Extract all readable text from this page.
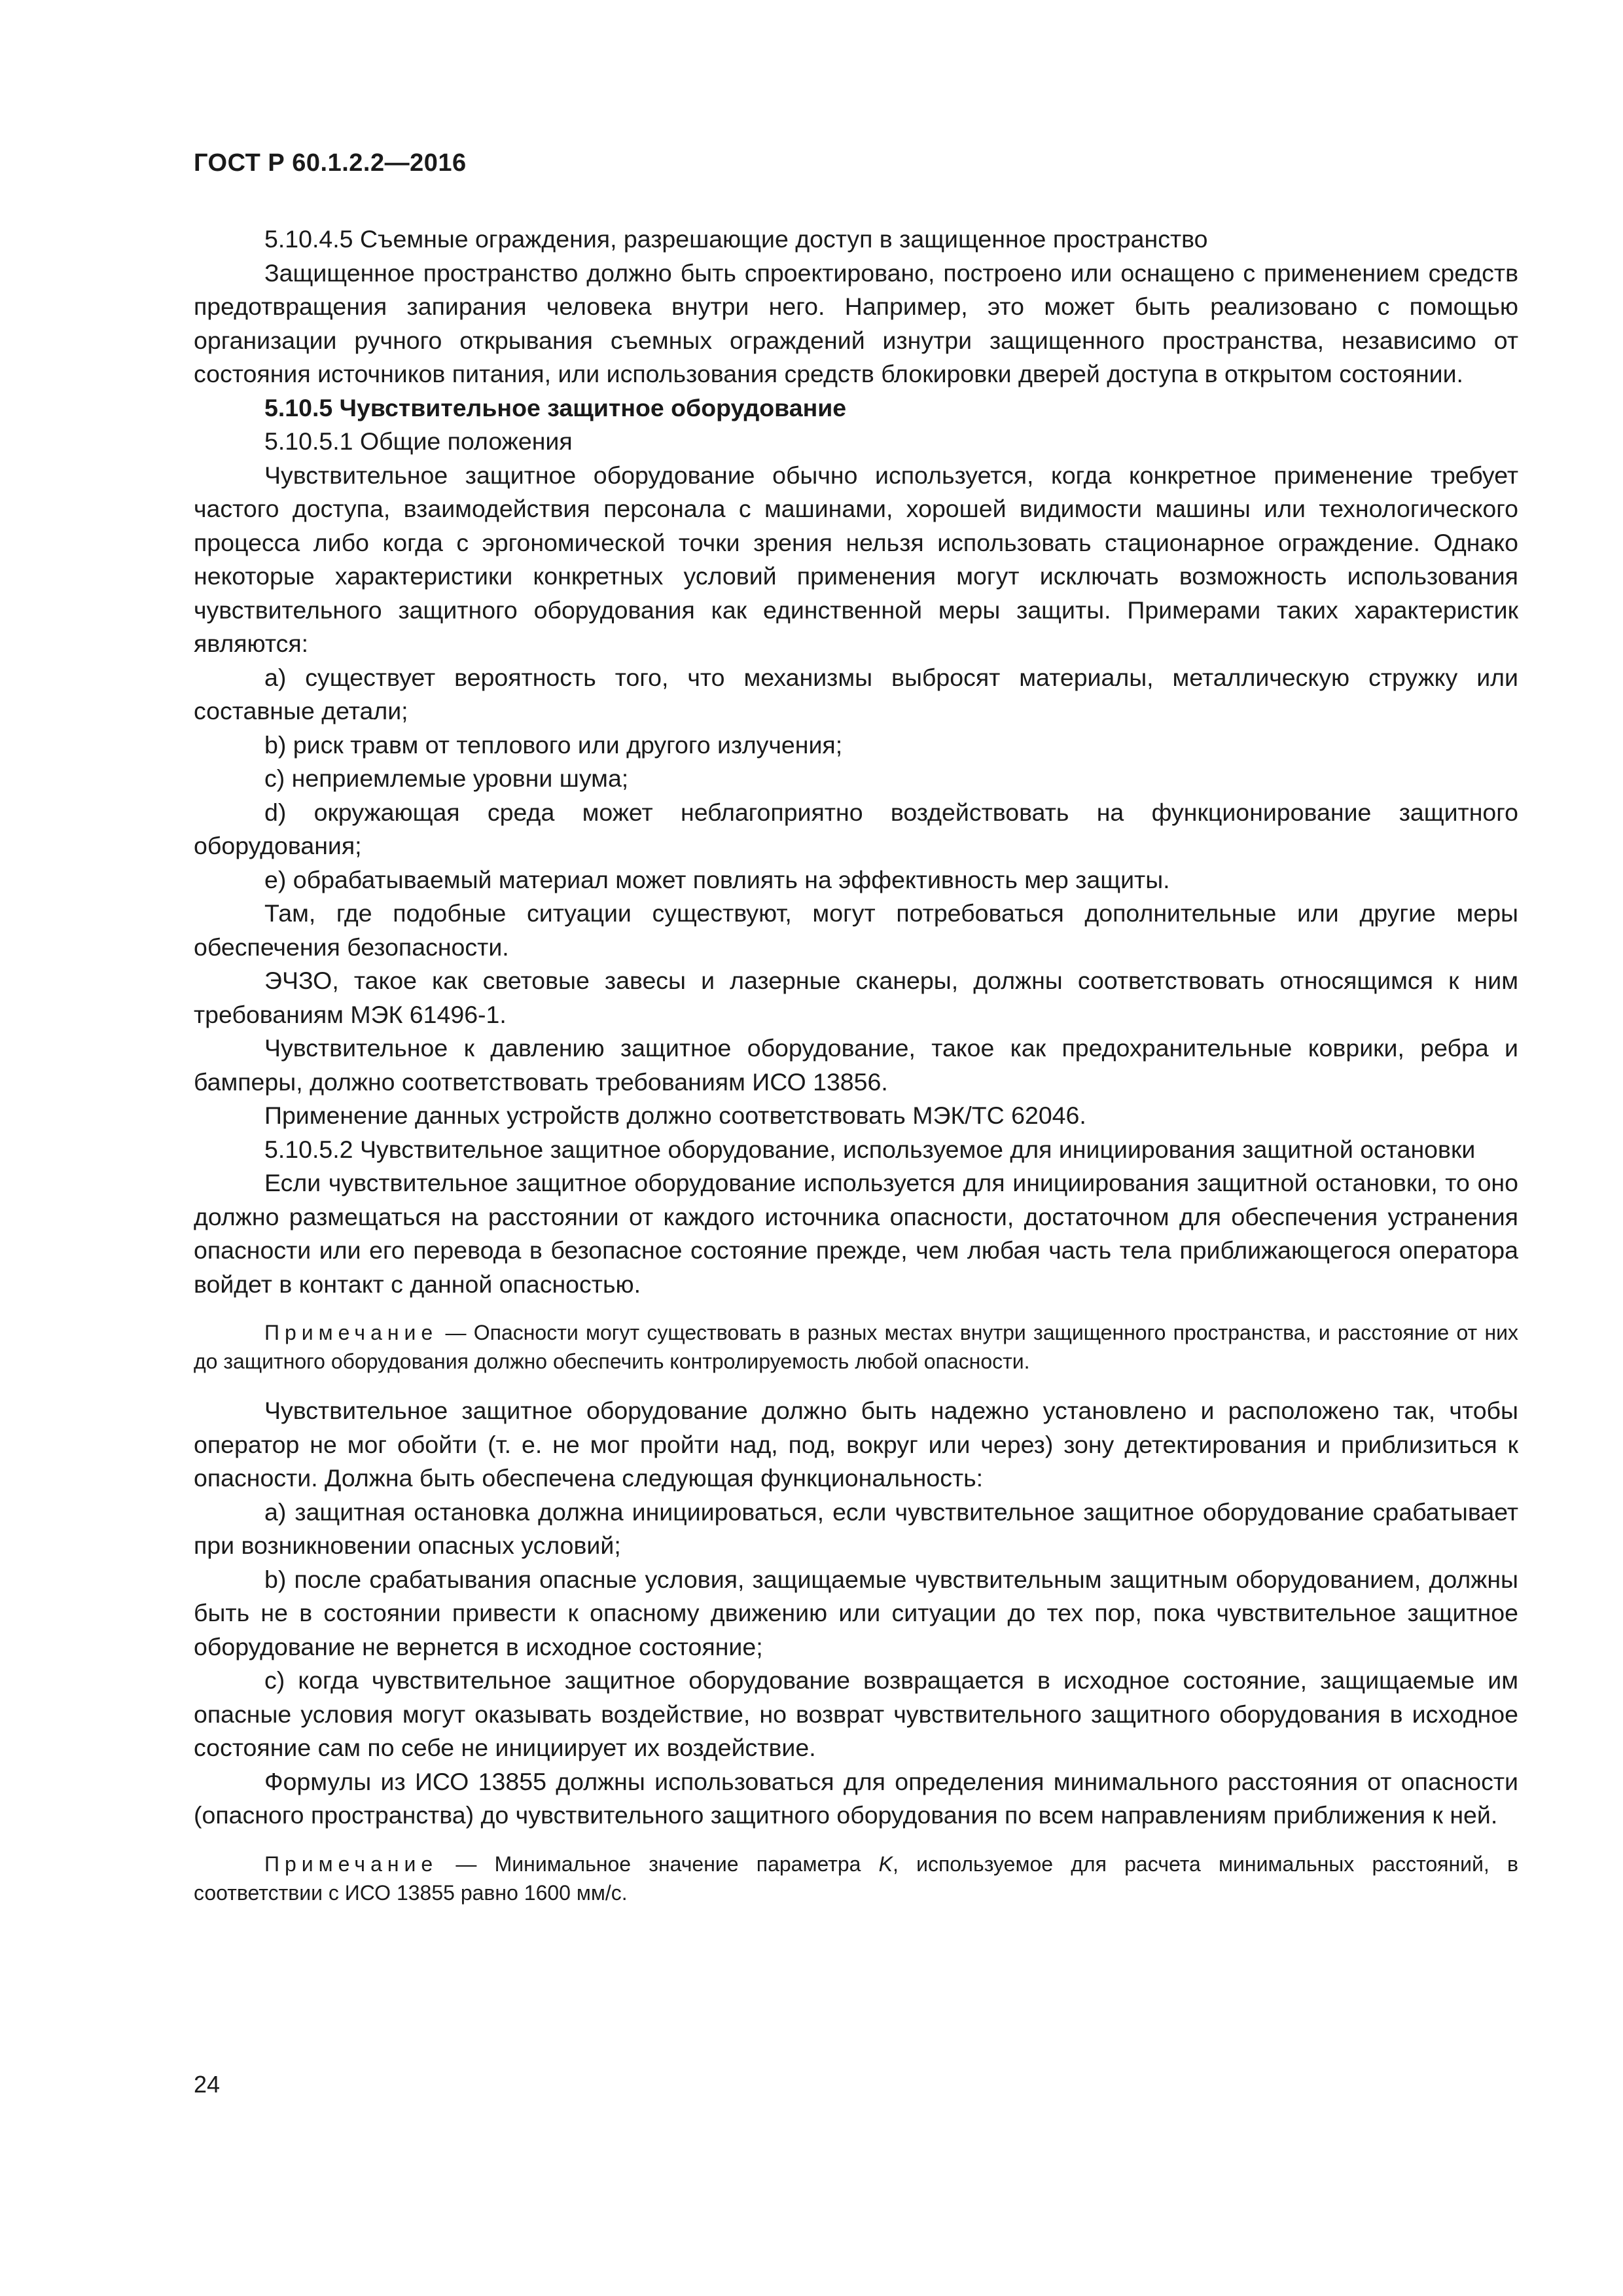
ГОСТ Р 60.1.2.2—2016

5.10.4.5 Съемные ограждения, разрешающие доступ в защищенное пространство

Защищенное пространство должно быть спроектировано, построено или оснащено с применением средств предотвращения запирания человека внутри него. Например, это может быть реализовано с помощью организации ручного открывания съемных ограждений изнутри защищенного пространства, независимо от состояния источников питания, или использования средств блокировки дверей доступа в открытом состоянии.

5.10.5 Чувствительное защитное оборудование

5.10.5.1 Общие положения

Чувствительное защитное оборудование обычно используется, когда конкретное применение требует частого доступа, взаимодействия персонала с машинами, хорошей видимости машины или технологического процесса либо когда с эргономической точки зрения нельзя использовать стационарное ограждение. Однако некоторые характеристики конкретных условий применения могут исключать возможность использования чувствительного защитного оборудования как единственной меры защиты. Примерами таких характеристик являются:

a) существует вероятность того, что механизмы выбросят материалы, металлическую стружку или составные детали;

b) риск травм от теплового или другого излучения;

c) неприемлемые уровни шума;

d) окружающая среда может неблагоприятно воздействовать на функционирование защитного оборудования;

e) обрабатываемый материал может повлиять на эффективность мер защиты.

Там, где подобные ситуации существуют, могут потребоваться дополнительные или другие меры обеспечения безопасности.

ЭЧЗО, такое как световые завесы и лазерные сканеры, должны соответствовать относящимся к ним требованиям МЭК 61496-1.

Чувствительное к давлению защитное оборудование, такое как предохранительные коврики, ребра и бамперы, должно соответствовать требованиям ИСО 13856.

Применение данных устройств должно соответствовать МЭК/ТС 62046.

5.10.5.2 Чувствительное защитное оборудование, используемое для инициирования защитной остановки

Если чувствительное защитное оборудование используется для инициирования защитной остановки, то оно должно размещаться на расстоянии от каждого источника опасности, достаточном для обеспечения устранения опасности или его перевода в безопасное состояние прежде, чем любая часть тела приближающегося оператора войдет в контакт с данной опасностью.

Примечание — Опасности могут существовать в разных местах внутри защищенного пространства, и расстояние от них до защитного оборудования должно обеспечить контролируемость любой опасности.

Чувствительное защитное оборудование должно быть надежно установлено и расположено так, чтобы оператор не мог обойти (т. е. не мог пройти над, под, вокруг или через) зону детектирования и приблизиться к опасности. Должна быть обеспечена следующая функциональность:

a) защитная остановка должна инициироваться, если чувствительное защитное оборудование срабатывает при возникновении опасных условий;

b) после срабатывания опасные условия, защищаемые чувствительным защитным оборудованием, должны быть не в состоянии привести к опасному движению или ситуации до тех пор, пока чувствительное защитное оборудование не вернется в исходное состояние;

c) когда чувствительное защитное оборудование возвращается в исходное состояние, защищаемые им опасные условия могут оказывать воздействие, но возврат чувствительного защитного оборудования в исходное состояние сам по себе не инициирует их воздействие.

Формулы из ИСО 13855 должны использоваться для определения минимального расстояния от опасности (опасного пространства) до чувствительного защитного оборудования по всем направлениям приближения к ней.

Примечание — Минимальное значение параметра K, используемое для расчета минимальных расстояний, в соответствии с ИСО 13855 равно 1600 мм/с.

24
